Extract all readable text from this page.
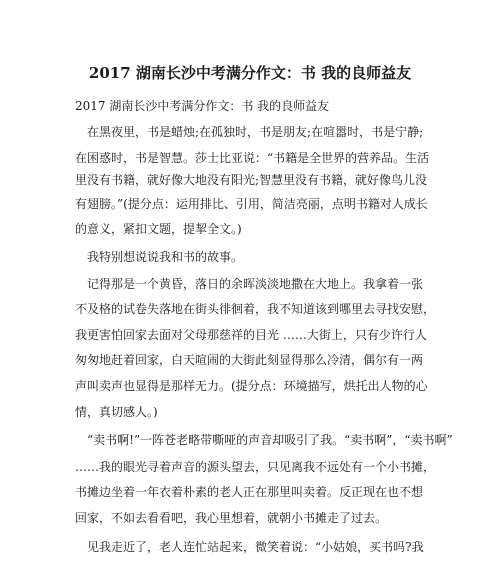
2017 湖南长沙中考满分作文：书 我的良师益友
2017 湖南长沙中考满分作文：书 我的良师益友
在黑夜里，书是蜡烛;在孤独时，书是朋友;在喧嚣时，书是宁静;
在困惑时，书是智慧。莎士比亚说：“书籍是全世界的营养品。生活
里没有书籍，就好像大地没有阳光;智慧里没有书籍，就好像鸟儿没
有翅膀。”(提分点：运用排比、引用，简洁亮丽，点明书籍对人成长
的意义，紧扣文题，提挈全文。)
我特别想说说我和书的故事。
记得那是一个黄昏，落日的余晖淡淡地撒在大地上。我拿着一张
不及格的试卷失落地在街头徘徊着，我不知道该到哪里去寻找安慰，
我更害怕回家去面对父母那慈祥的目光 ……大街上，只有少许行人
匆匆地赶着回家，白天喧闹的大街此刻显得那么冷清，偶尔有一两
声叫卖声也显得是那样无力。(提分点：环境描写，烘托出人物的心
情，真切感人。)
“卖书啊!”一阵苍老略带嘶哑的声音却吸引了我。“卖书啊”，“卖书啊”
……我的眼光寻着声音的源头望去，只见离我不远处有一个小书摊，
书摊边坐着一年衣着朴素的老人正在那里叫卖着。反正现在也不想
回家，不如去看看吧，我心里想着，就朝小书摊走了过去。
见我走近了，老人连忙站起来，微笑着说：“小姑娘，买书吗?我
